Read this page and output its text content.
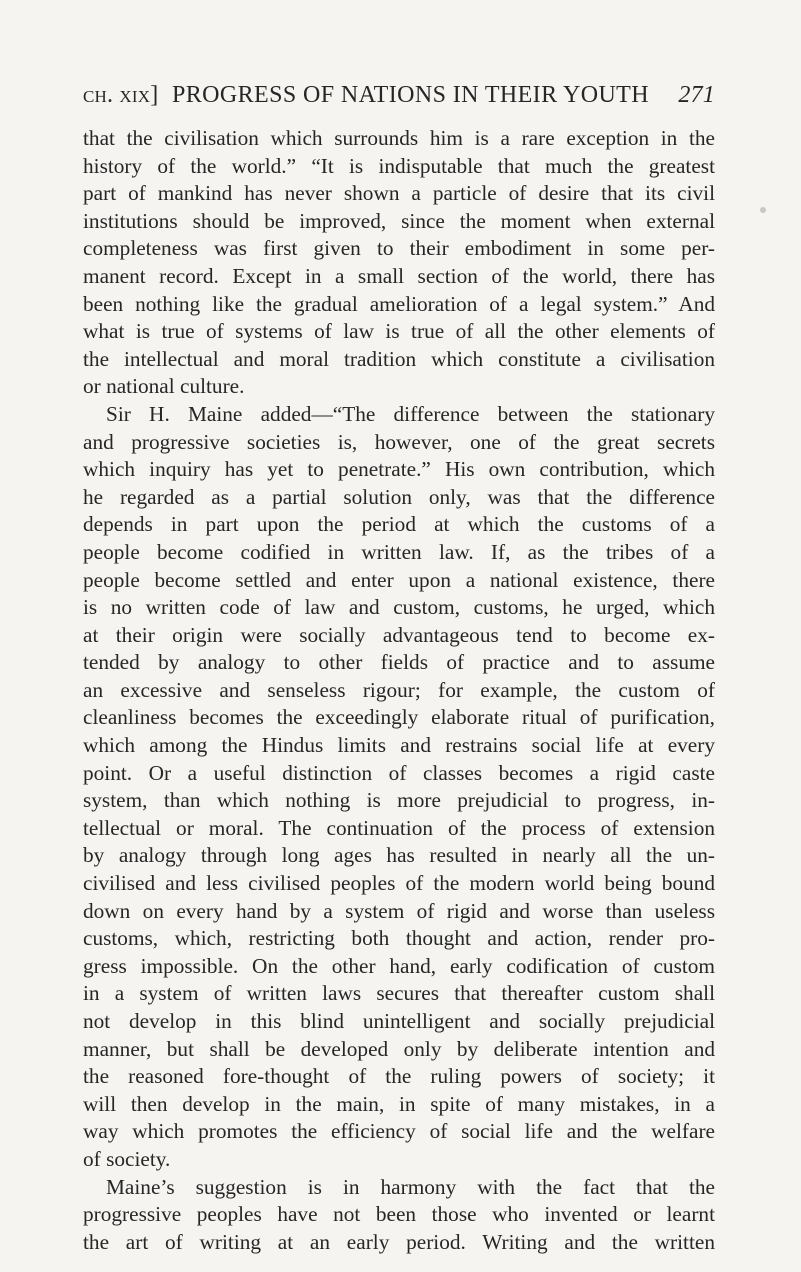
ch. xix] PROGRESS OF NATIONS IN THEIR YOUTH 271
that the civilisation which surrounds him is a rare exception in the
history of the world.” “It is indisputable that much the greatest
part of mankind has never shown a particle of desire that its civil
institutions should be improved, since the moment when external
completeness was first given to their embodiment in some per-
manent record. Except in a small section of the world, there has
been nothing like the gradual amelioration of a legal system.” And
what is true of systems of law is true of all the other elements of
the intellectual and moral tradition which constitute a civilisation
or national culture.
Sir H. Maine added—“The difference between the stationary
and progressive societies is, however, one of the great secrets
which inquiry has yet to penetrate.” His own contribution, which
he regarded as a partial solution only, was that the difference
depends in part upon the period at which the customs of a
people become codified in written law. If, as the tribes of a
people become settled and enter upon a national existence, there
is no written code of law and custom, customs, he urged, which
at their origin were socially advantageous tend to become ex-
tended by analogy to other fields of practice and to assume
an excessive and senseless rigour; for example, the custom of
cleanliness becomes the exceedingly elaborate ritual of purification,
which among the Hindus limits and restrains social life at every
point. Or a useful distinction of classes becomes a rigid caste
system, than which nothing is more prejudicial to progress, in-
tellectual or moral. The continuation of the process of extension
by analogy through long ages has resulted in nearly all the un-
civilised and less civilised peoples of the modern world being bound
down on every hand by a system of rigid and worse than useless
customs, which, restricting both thought and action, render pro-
gress impossible. On the other hand, early codification of custom
in a system of written laws secures that thereafter custom shall
not develop in this blind unintelligent and socially prejudicial
manner, but shall be developed only by deliberate intention and
the reasoned fore-thought of the ruling powers of society; it
will then develop in the main, in spite of many mistakes, in a
way which promotes the efficiency of social life and the welfare
of society.
Maine’s suggestion is in harmony with the fact that the
progressive peoples have not been those who invented or learnt
the art of writing at an early period. Writing and the written
